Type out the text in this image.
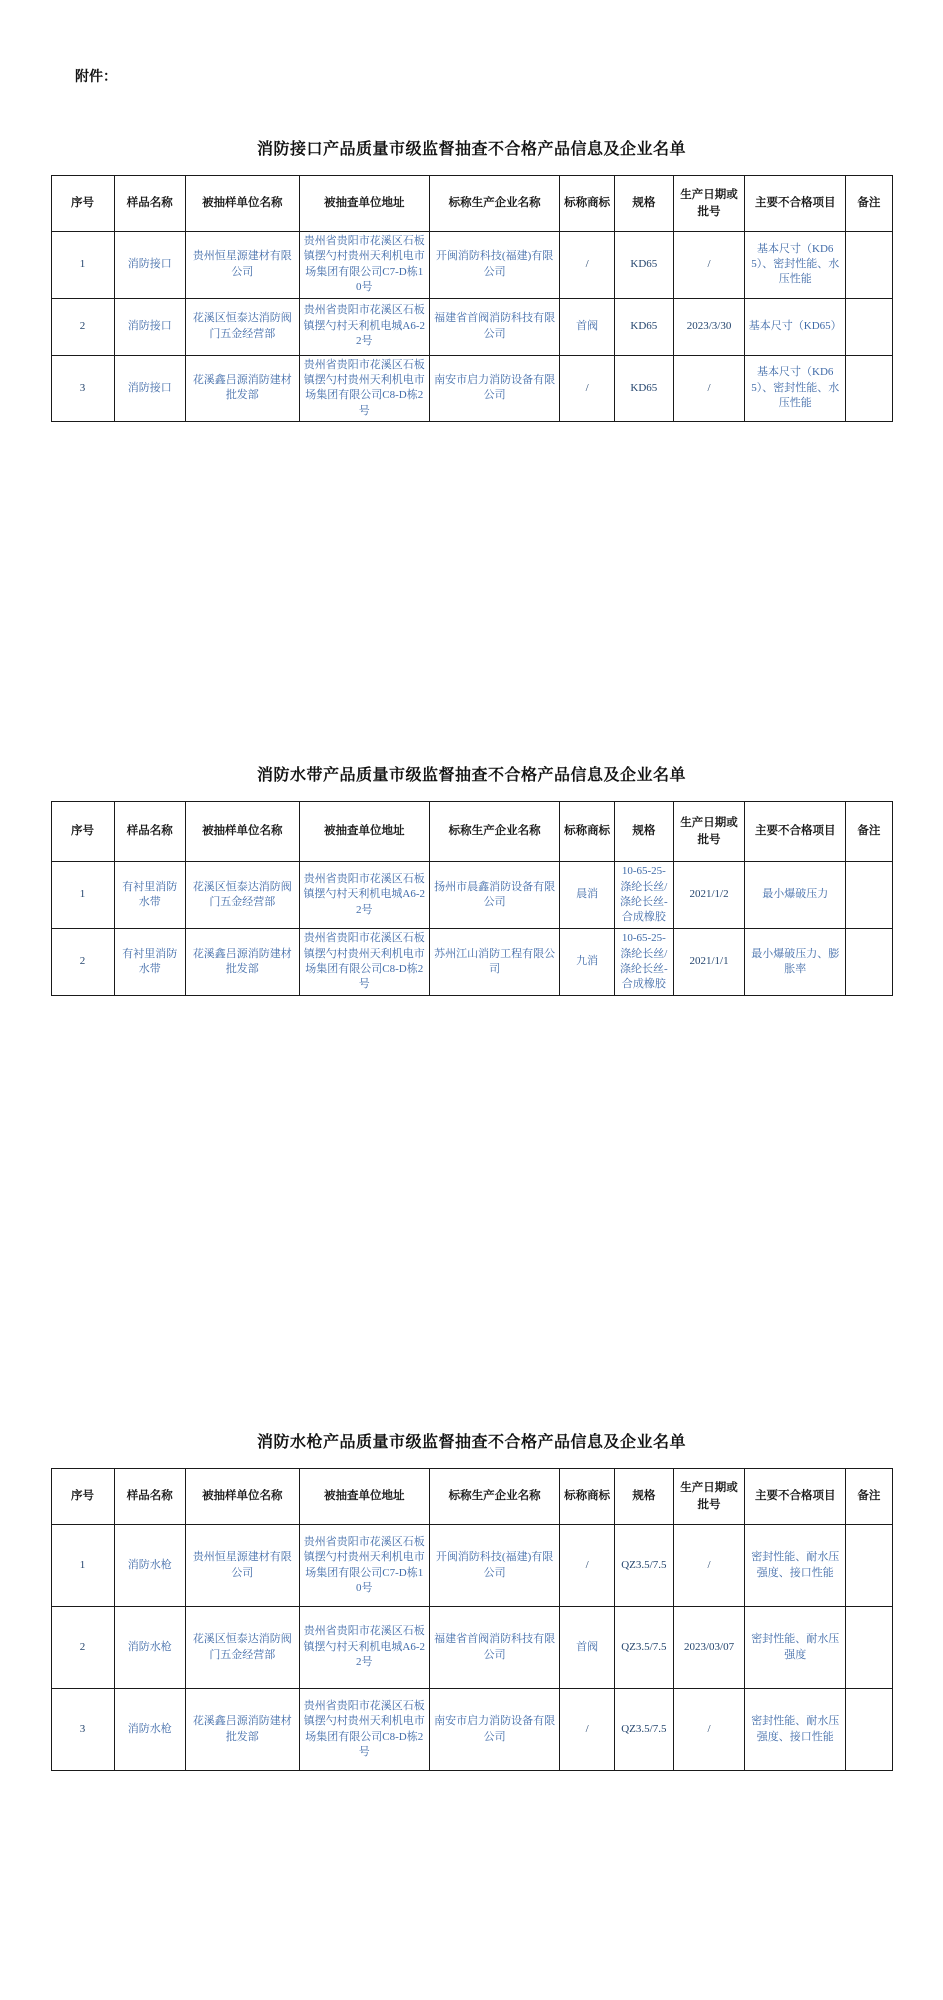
附件：
消防接口产品质量市级监督抽查不合格产品信息及企业名单
序号	样品名称	被抽样单位名称	被抽查单位地址	标称生产企业名称	标称商标	规格	生产日期或批号	主要不合格项目	备注
1	消防接口	贵州恒星源建材有限公司	贵州省贵阳市花溪区石板镇摆勺村贵州天利机电市场集团有限公司C7-D栋10号	开闽消防科技(福建)有限公司	/	KD65	/	基本尺寸（KD65）、密封性能、水压性能	
2	消防接口	花溪区恒泰达消防阀门五金经营部	贵州省贵阳市花溪区石板镇摆勺村天利机电城A6-22号	福建省首阀消防科技有限公司	首阀	KD65	2023/3/30	基本尺寸（KD65）	
3	消防接口	花溪鑫吕源消防建材批发部	贵州省贵阳市花溪区石板镇摆勺村贵州天利机电市场集团有限公司C8-D栋2号	南安市启力消防设备有限公司	/	KD65	/	基本尺寸（KD65）、密封性能、水压性能	
消防水带产品质量市级监督抽查不合格产品信息及企业名单
序号	样品名称	被抽样单位名称	被抽查单位地址	标称生产企业名称	标称商标	规格	生产日期或批号	主要不合格项目	备注
1	有衬里消防水带	花溪区恒泰达消防阀门五金经营部	贵州省贵阳市花溪区石板镇摆勺村天利机电城A6-22号	扬州市晨鑫消防设备有限公司	晨消	10-65-25-涤纶长丝/涤纶长丝-合成橡胶	2021/1/2	最小爆破压力	
2	有衬里消防水带	花溪鑫吕源消防建材批发部	贵州省贵阳市花溪区石板镇摆勺村贵州天利机电市场集团有限公司C8-D栋2号	苏州江山消防工程有限公司	九消	10-65-25-涤纶长丝/涤纶长丝-合成橡胶	2021/1/1	最小爆破压力、膨胀率	
消防水枪产品质量市级监督抽查不合格产品信息及企业名单
序号	样品名称	被抽样单位名称	被抽查单位地址	标称生产企业名称	标称商标	规格	生产日期或批号	主要不合格项目	备注
1	消防水枪	贵州恒星源建材有限公司	贵州省贵阳市花溪区石板镇摆勺村贵州天利机电市场集团有限公司C7-D栋10号	开闽消防科技(福建)有限公司	/	QZ3.5/7.5	/	密封性能、耐水压强度、接口性能	
2	消防水枪	花溪区恒泰达消防阀门五金经营部	贵州省贵阳市花溪区石板镇摆勺村天利机电城A6-22号	福建省首阀消防科技有限公司	首阀	QZ3.5/7.5	2023/03/07	密封性能、耐水压强度	
3	消防水枪	花溪鑫吕源消防建材批发部	贵州省贵阳市花溪区石板镇摆勺村贵州天利机电市场集团有限公司C8-D栋2号	南安市启力消防设备有限公司	/	QZ3.5/7.5	/	密封性能、耐水压强度、接口性能	
